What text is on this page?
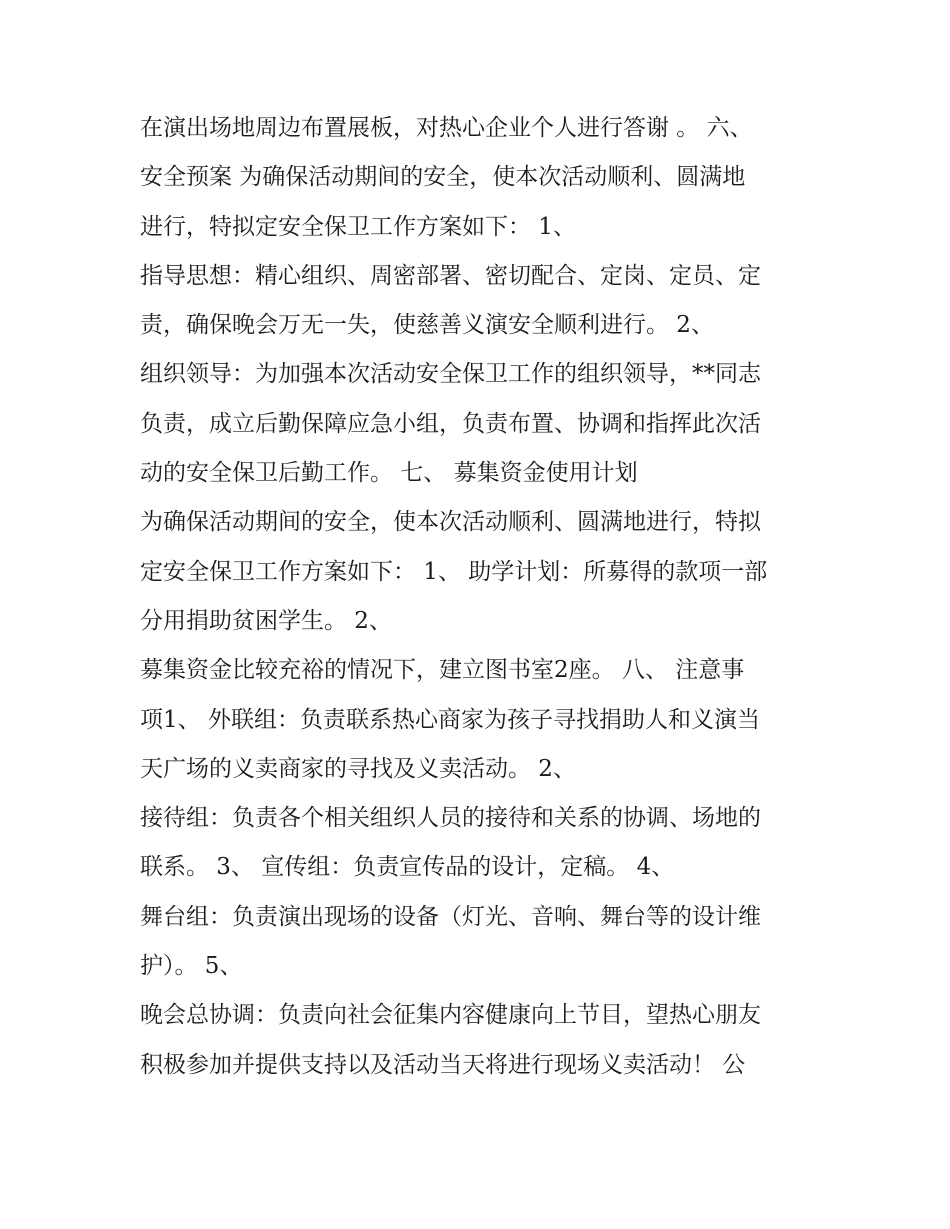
在演出场地周边布置展板，对热心企业个人进行答谢 。 六、
安全预案 为确保活动期间的安全，使本次活动顺利、圆满地
进行，特拟定安全保卫工作方案如下： 1、
指导思想：精心组织、周密部署、密切配合、定岗、定员、定
责，确保晚会万无一失，使慈善义演安全顺利进行。 2、
组织领导：为加强本次活动安全保卫工作的组织领导，**同志
负责，成立后勤保障应急小组，负责布置、协调和指挥此次活
动的安全保卫后勤工作。 七、 募集资金使用计划
为确保活动期间的安全，使本次活动顺利、圆满地进行，特拟
定安全保卫工作方案如下： 1、 助学计划：所募得的款项一部
分用捐助贫困学生。 2、
募集资金比较充裕的情况下，建立图书室2座。 八、 注意事
项1、 外联组：负责联系热心商家为孩子寻找捐助人和义演当
天广场的义卖商家的寻找及义卖活动。 2、
接待组：负责各个相关组织人员的接待和关系的协调、场地的
联系。 3、 宣传组：负责宣传品的设计，定稿。 4、
舞台组：负责演出现场的设备（灯光、音响、舞台等的设计维
护）。 5、
晚会总协调：负责向社会征集内容健康向上节目，望热心朋友
积极参加并提供支持以及活动当天将进行现场义卖活动！ 公
